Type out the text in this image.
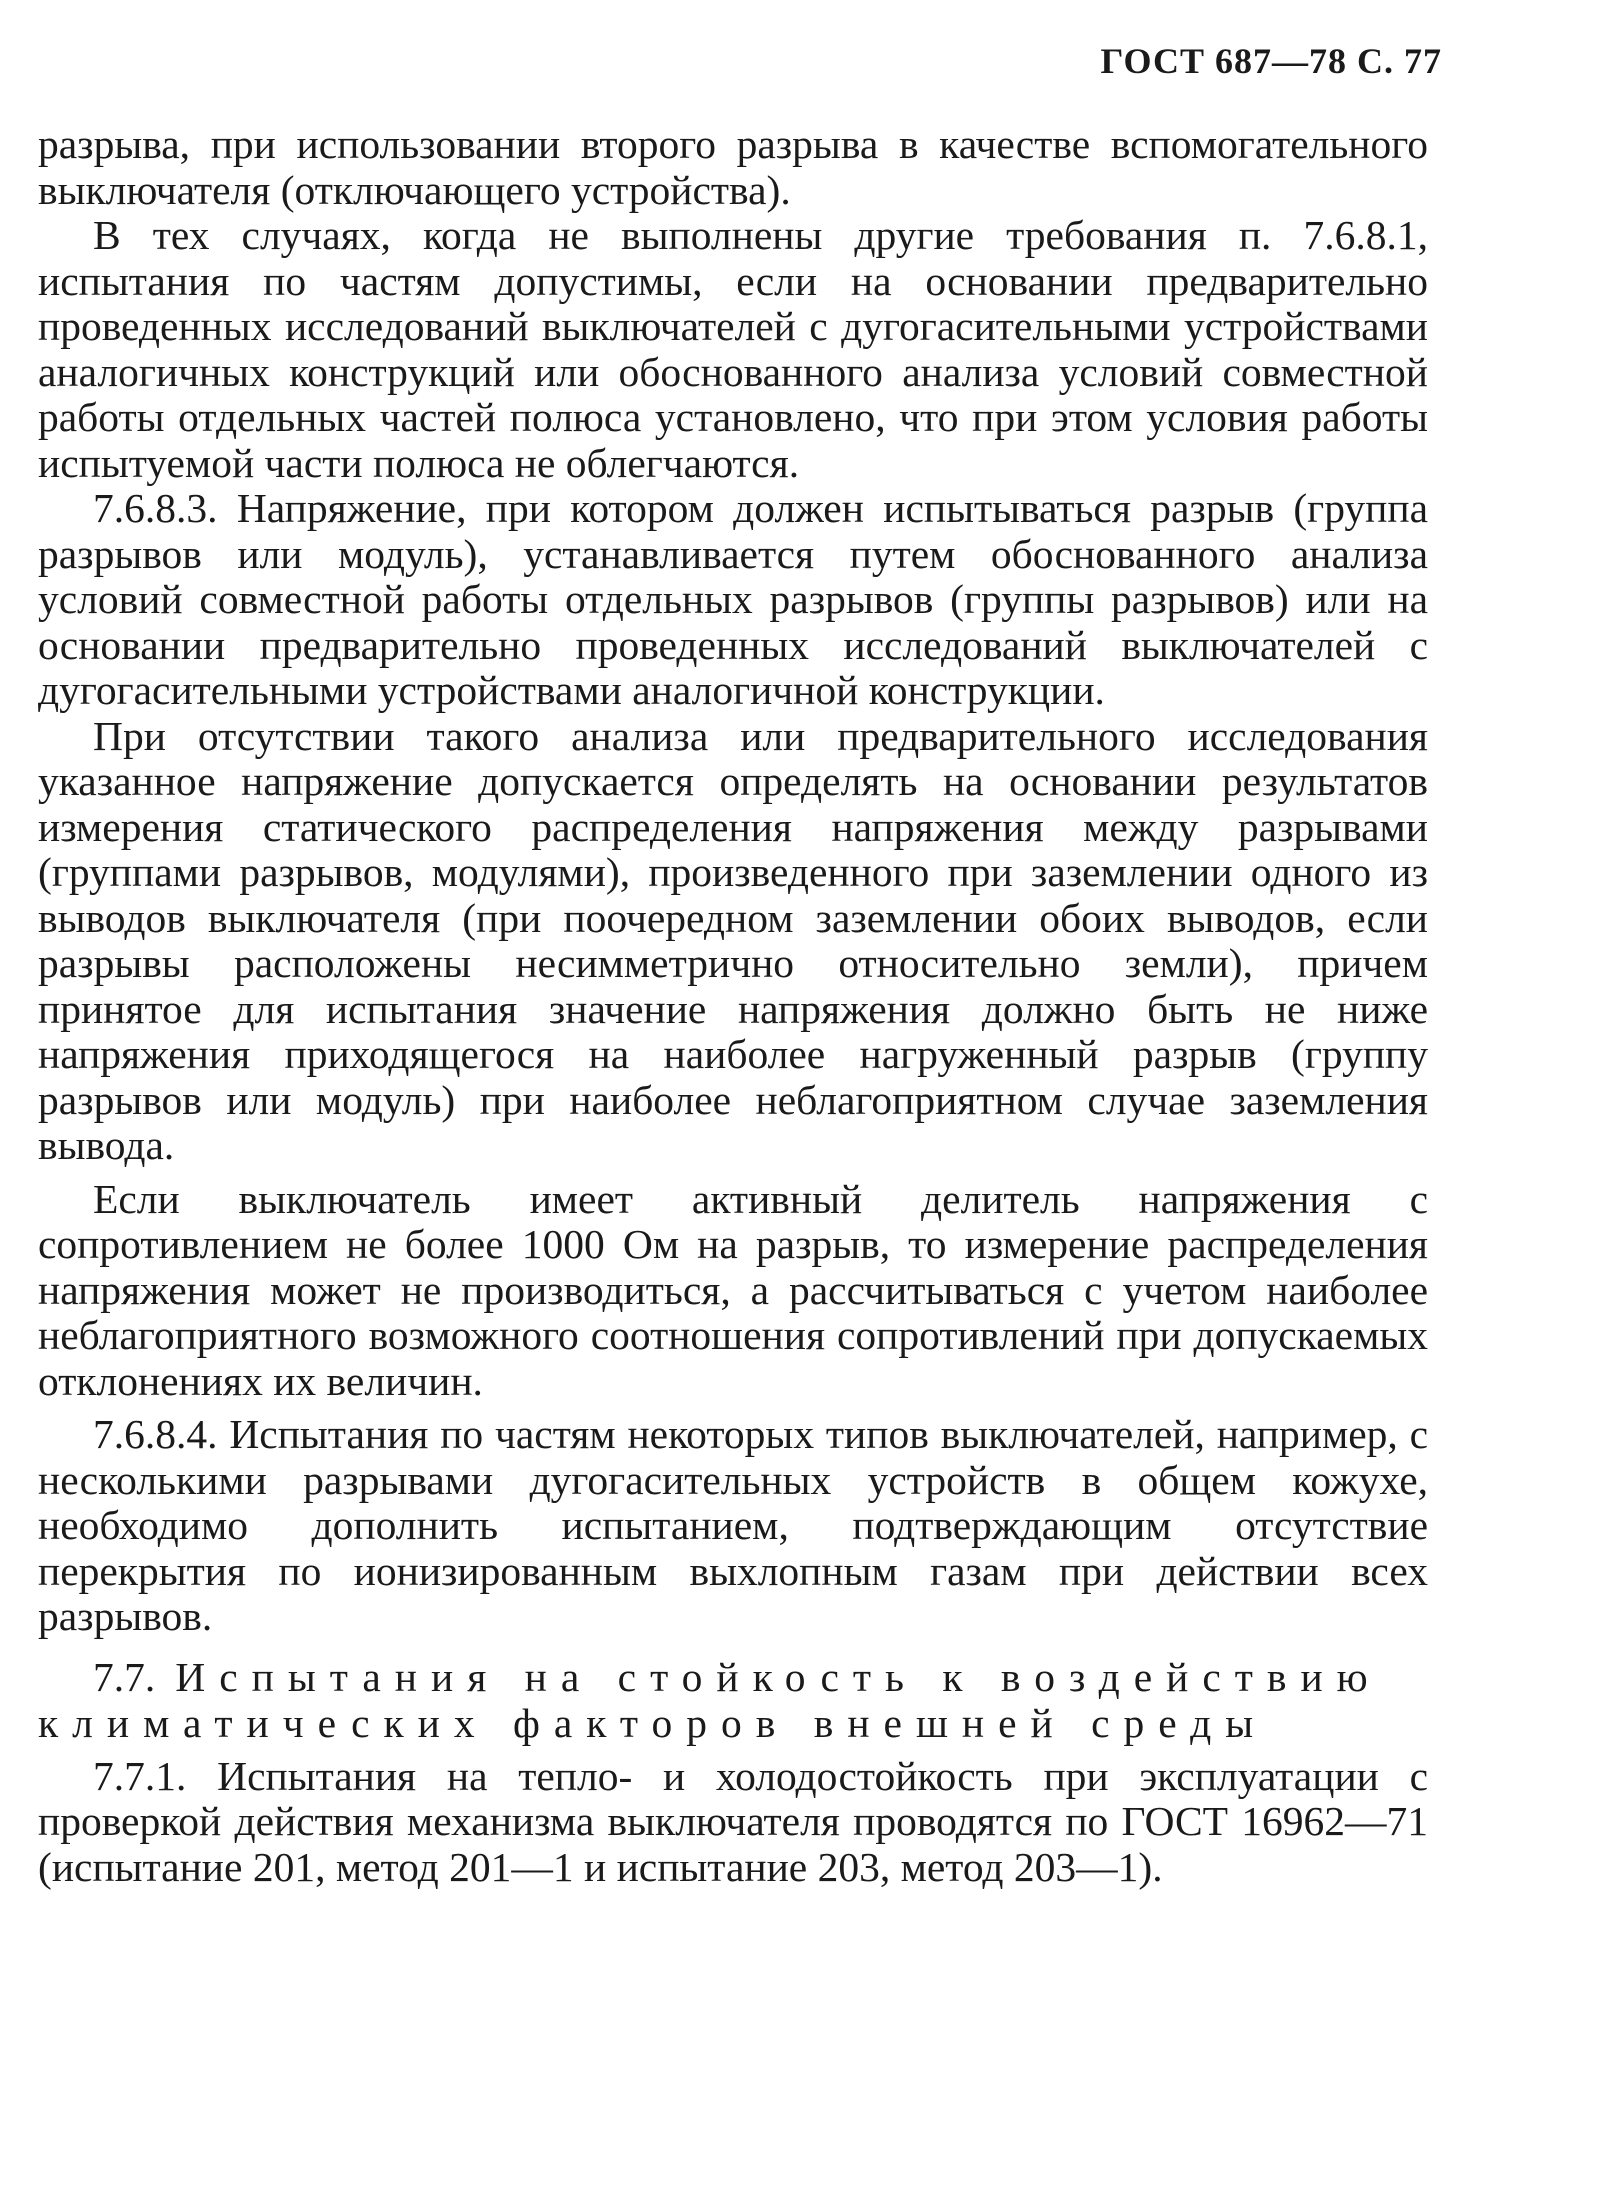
ГОСТ 687—78 С. 77

разрыва, при использовании второго разрыва в качестве вспомогательного выключателя (отключающего устройства).

В тех случаях, когда не выполнены другие требования п. 7.6.8.1, испытания по частям допустимы, если на основании предварительно проведенных исследований выключателей с дугогасительными устройствами аналогичных конструкций или обоснованного анализа условий совместной работы отдельных частей полюса установлено, что при этом условия работы испытуемой части полюса не облегчаются.

7.6.8.3. Напряжение, при котором должен испытываться разрыв (группа разрывов или модуль), устанавливается путем обоснованного анализа условий совместной работы отдельных разрывов (группы разрывов) или на основании предварительно проведенных исследований выключателей с дугогасительными устройствами аналогичной конструкции.

При отсутствии такого анализа или предварительного исследования указанное напряжение допускается определять на основании результатов измерения статического распределения напряжения между разрывами (группами разрывов, модулями), произведенного при заземлении одного из выводов выключателя (при поочередном заземлении обоих выводов, если разрывы расположены несимметрично относительно земли), причем принятое для испытания значение напряжения должно быть не ниже напряжения приходящегося на наиболее нагруженный разрыв (группу разрывов или модуль) при наиболее неблагоприятном случае заземления вывода.

Если выключатель имеет активный делитель напряжения с сопротивлением не более 1000 Ом на разрыв, то измерение распределения напряжения может не производиться, а рассчитываться с учетом наиболее неблагоприятного возможного соотношения сопротивлений при допускаемых отклонениях их величин.

7.6.8.4. Испытания по частям некоторых типов выключателей, например, с несколькими разрывами дугогасительных устройств в общем кожухе, необходимо дополнить испытанием, подтверждающим отсутствие перекрытия по ионизированным выхлопным газам при действии всех разрывов.

7.7. Испытания на стойкость к воздействию климатических факторов внешней среды

7.7.1. Испытания на тепло- и холодостойкость при эксплуатации с проверкой действия механизма выключателя проводятся по ГОСТ 16962—71 (испытание 201, метод 201—1 и испытание 203, метод 203—1).
